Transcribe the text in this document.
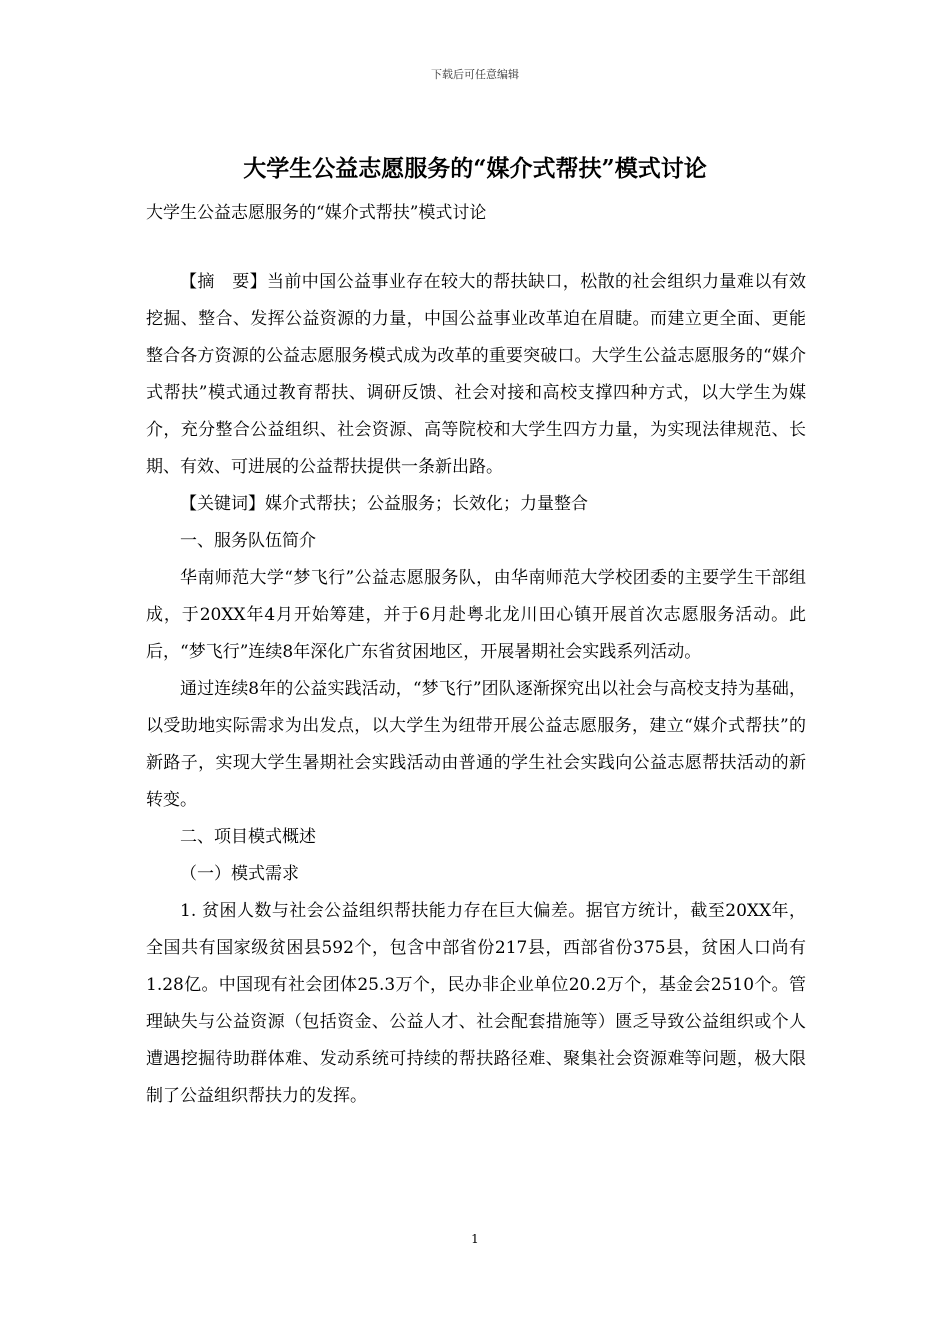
下载后可任意编辑
大学生公益志愿服务的“媒介式帮扶”模式讨论
大学生公益志愿服务的“媒介式帮扶”模式讨论

【摘　要】当前中国公益事业存在较大的帮扶缺口，松散的社会组织力量难以有效挖掘、整合、发挥公益资源的力量，中国公益事业改革迫在眉睫。而建立更全面、更能整合各方资源的公益志愿服务模式成为改革的重要突破口。大学生公益志愿服务的“媒介式帮扶”模式通过教育帮扶、调研反馈、社会对接和高校支撑四种方式，以大学生为媒介，充分整合公益组织、社会资源、高等院校和大学生四方力量，为实现法律规范、长期、有效、可进展的公益帮扶提供一条新出路。

【关键词】媒介式帮扶；公益服务；长效化；力量整合

一、服务队伍简介

华南师范大学“梦飞行”公益志愿服务队，由华南师范大学校团委的主要学生干部组成，于20XX年4月开始筹建，并于6月赴粤北龙川田心镇开展首次志愿服务活动。此后，“梦飞行”连续8年深化广东省贫困地区，开展暑期社会实践系列活动。

通过连续8年的公益实践活动，“梦飞行”团队逐渐探究出以社会与高校支持为基础，以受助地实际需求为出发点，以大学生为纽带开展公益志愿服务，建立“媒介式帮扶”的新路子，实现大学生暑期社会实践活动由普通的学生社会实践向公益志愿帮扶活动的新转变。

二、项目模式概述

（一）模式需求

1. 贫困人数与社会公益组织帮扶能力存在巨大偏差。据官方统计，截至20XX年，全国共有国家级贫困县592个，包含中部省份217县，西部省份375县，贫困人口尚有1.28亿。中国现有社会团体25.3万个，民办非企业单位20.2万个，基金会2510个。管理缺失与公益资源（包括资金、公益人才、社会配套措施等）匮乏导致公益组织或个人遭遇挖掘待助群体难、发动系统可持续的帮扶路径难、聚集社会资源难等问题，极大限制了公益组织帮扶力的发挥。

1
